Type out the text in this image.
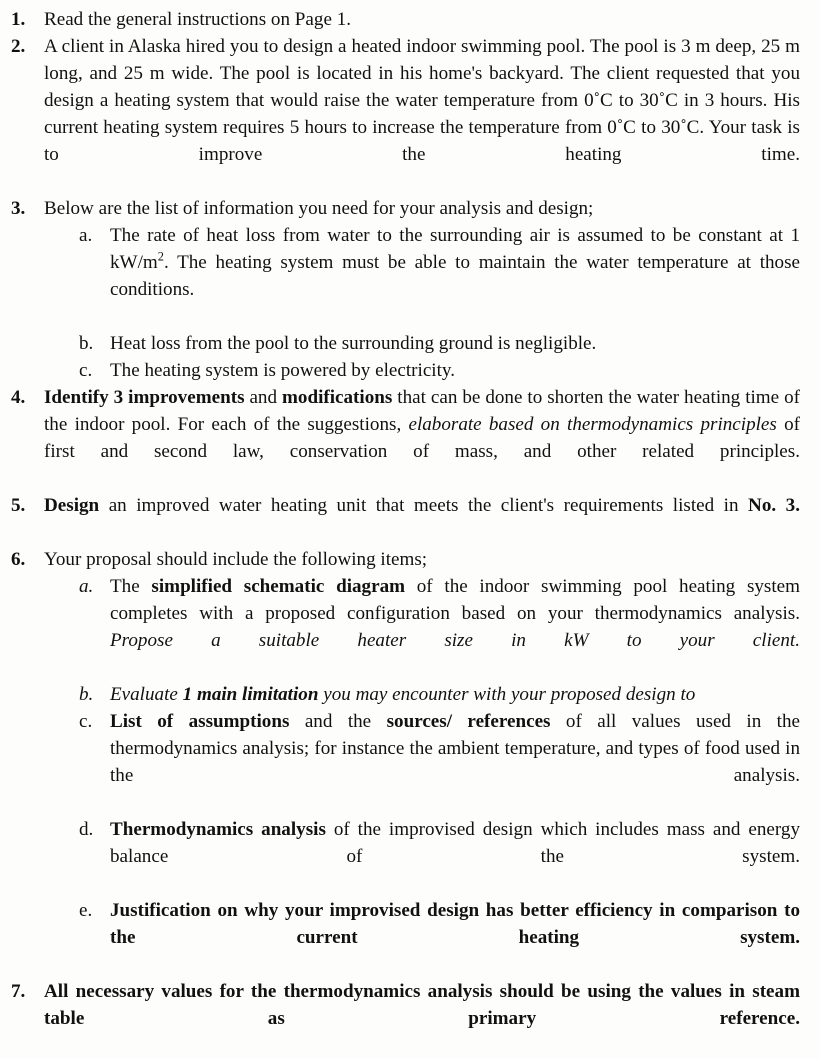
1. Read the general instructions on Page 1.
2. A client in Alaska hired you to design a heated indoor swimming pool. The pool is 3 m deep, 25 m long, and 25 m wide. The pool is located in his home's backyard. The client requested that you design a heating system that would raise the water temperature from 0˚C to 30˚C in 3 hours. His current heating system requires 5 hours to increase the temperature from 0˚C to 30˚C. Your task is to improve the heating time.
3. Below are the list of information you need for your analysis and design;
a. The rate of heat loss from water to the surrounding air is assumed to be constant at 1 $kW/m^2$. The heating system must be able to maintain the water temperature at those conditions.
b. Heat loss from the pool to the surrounding ground is negligible.
c. The heating system is powered by electricity.
4. Identify 3 improvements and modifications that can be done to shorten the water heating time of the indoor pool. For each of the suggestions, elaborate based on thermodynamics principles of first and second law, conservation of mass, and other related principles.
5. Design an improved water heating unit that meets the client's requirements listed in No. 3.
6. Your proposal should include the following items;
a. The simplified schematic diagram of the indoor swimming pool heating system completes with a proposed configuration based on your thermodynamics analysis. Propose a suitable heater size in kW to your client.
b. Evaluate 1 main limitation you may encounter with your proposed design to
c. List of assumptions and the sources/ references of all values used in the thermodynamics analysis; for instance the ambient temperature, and types of food used in the analysis.
d. Thermodynamics analysis of the improvised design which includes mass and energy balance of the system.
e. Justification on why your improvised design has better efficiency in comparison to the current heating system.
7. All necessary values for the thermodynamics analysis should be using the values in steam table as primary reference.
